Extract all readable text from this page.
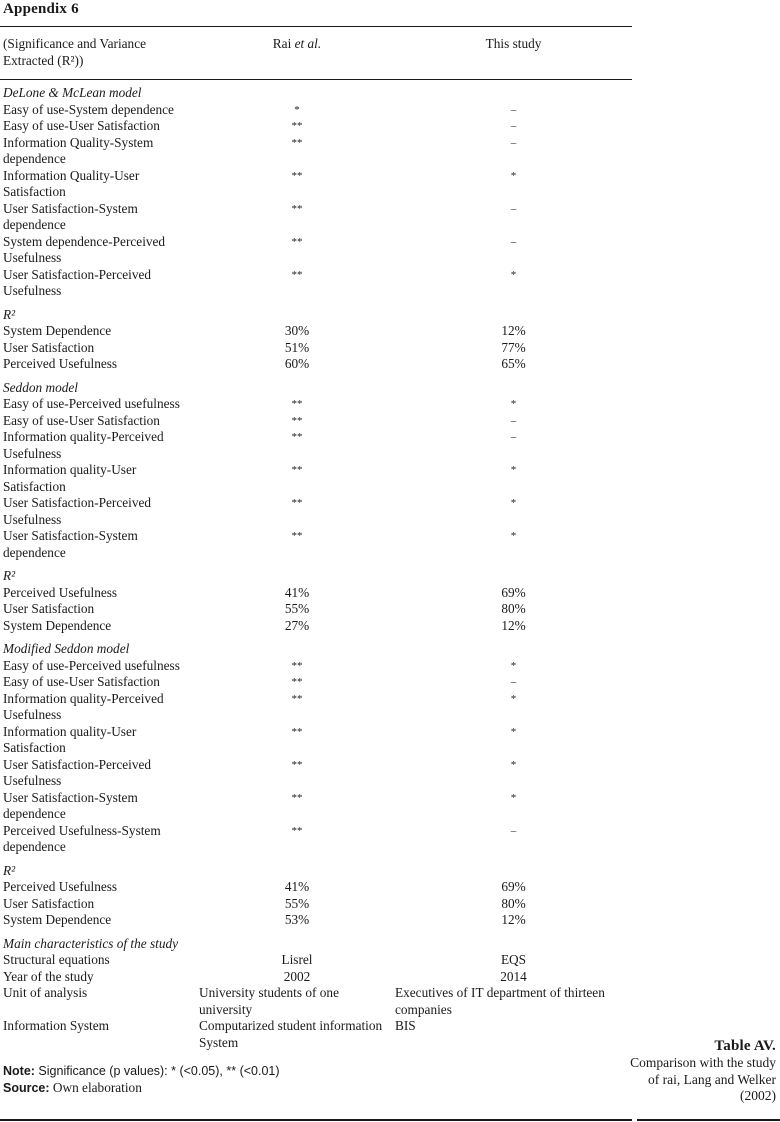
Appendix 6
(Significance and Variance
Extracted (R²))	Rai et al.	This study
DeLone & McLean model		
Easy of use-System dependence	*	–
Easy of use-User Satisfaction	**	–
Information Quality-System dependence	**	–
Information Quality-User Satisfaction	**	*
User Satisfaction-System dependence	**	–
System dependence-Perceived Usefulness	**	–
User Satisfaction-Perceived Usefulness	**	*
R²		
System Dependence	30%	12%
User Satisfaction	51%	77%
Perceived Usefulness	60%	65%
Seddon model		
Easy of use-Perceived usefulness	**	*
Easy of use-User Satisfaction	**	–
Information quality-Perceived Usefulness	**	–
Information quality-User Satisfaction	**	*
User Satisfaction-Perceived Usefulness	**	*
User Satisfaction-System dependence	**	*
R²		
Perceived Usefulness	41%	69%
User Satisfaction	55%	80%
System Dependence	27%	12%
Modified Seddon model		
Easy of use-Perceived usefulness	**	*
Easy of use-User Satisfaction	**	–
Information quality-Perceived Usefulness	**	*
Information quality-User Satisfaction	**	*
User Satisfaction-Perceived Usefulness	**	*
User Satisfaction-System dependence	**	*
Perceived Usefulness-System dependence	**	–
R²		
Perceived Usefulness	41%	69%
User Satisfaction	55%	80%
System Dependence	53%	12%
Main characteristics of the study		
Structural equations	Lisrel	EQS
Year of the study	2002	2014
Unit of analysis	University students of one university	Executives of IT department of thirteen companies
Information System	Computarized student information System	BIS
Note: Significance (p values): * (<0.05), ** (<0.01)		
Source: Own elaboration		
Table AV.
Comparison with the study of rai, Lang and Welker (2002)
